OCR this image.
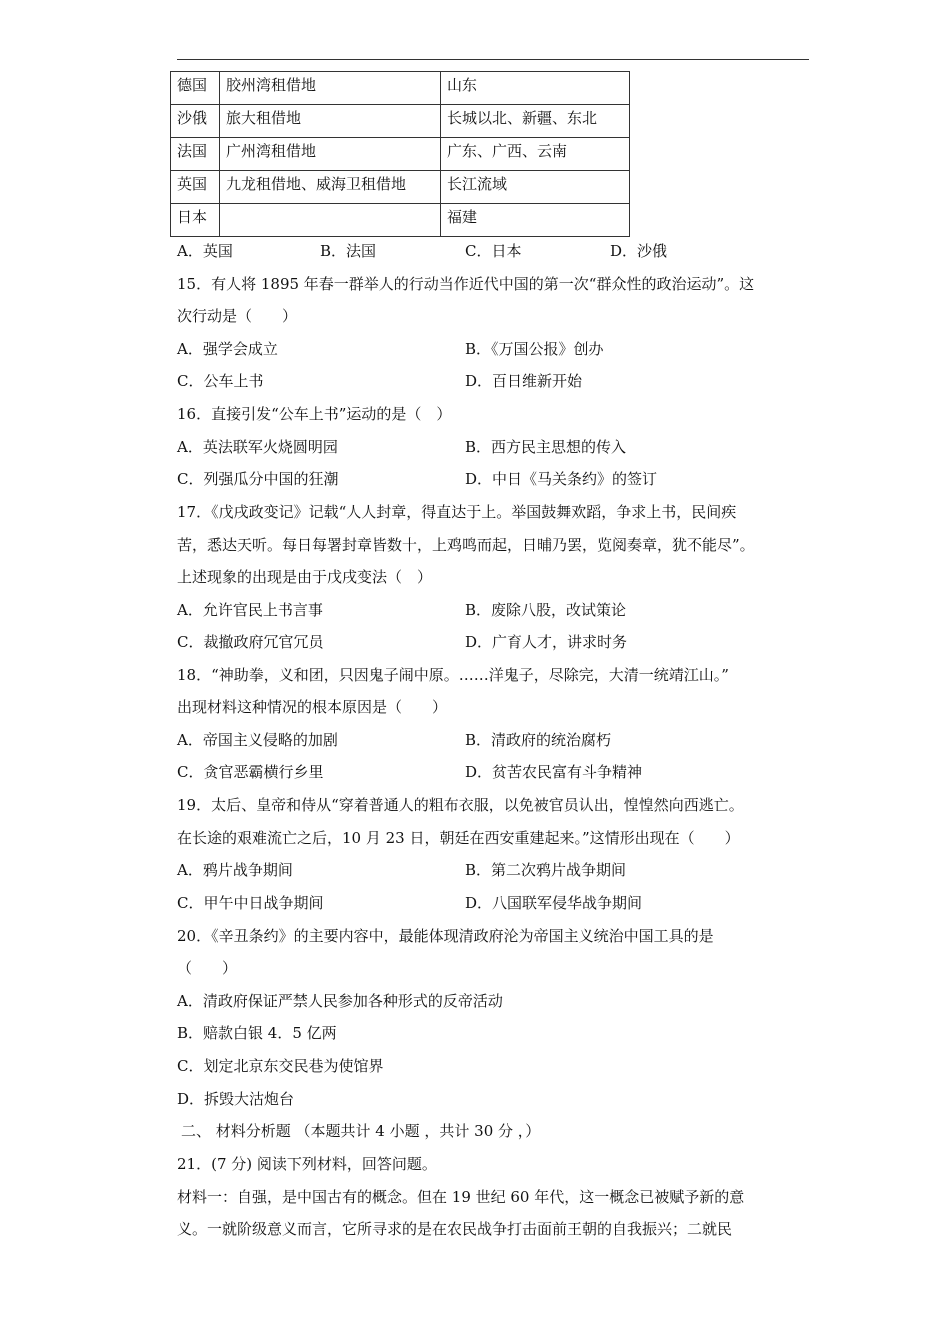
德国	胶州湾租借地	山东
沙俄	旅大租借地	长城以北、新疆、东北
法国	广州湾租借地	广东、广西、云南
英国	九龙租借地、威海卫租借地	长江流域
日本		福建
A．英国	B．法国	C．日本	D．沙俄
15．有人将 1895 年春一群举人的行动当作近代中国的第一次“群众性的政治运动”。这
次行动是（　　）
A．强学会成立	B．《万国公报》创办
C．公车上书	D．百日维新开始
16．直接引发“公车上书”运动的是（　）
A．英法联军火烧圆明园	B．西方民主思想的传入
C．列强瓜分中国的狂潮	D．中日《马关条约》的签订
17．《戊戌政变记》记载“人人封章，得直达于上。举国鼓舞欢蹈，争求上书，民间疾
苦，悉达天听。每日每署封章皆数十，上鸡鸣而起，日晡乃罢，览阅奏章，犹不能尽”。
上述现象的出现是由于戊戌变法（　）
A．允许官民上书言事	B．废除八股，改试策论
C．裁撤政府冗官冗员	D．广育人才，讲求时务
18．“神助拳，义和团，只因鬼子闹中原。……洋鬼子，尽除完，大清一统靖江山。”
出现材料这种情况的根本原因是（　　）
A．帝国主义侵略的加剧	B．清政府的统治腐朽
C．贪官恶霸横行乡里	D．贫苦农民富有斗争精神
19．太后、皇帝和侍从“穿着普通人的粗布衣服，以免被官员认出，惶惶然向西逃亡。
在长途的艰难流亡之后，10 月 23 日，朝廷在西安重建起来。”这情形出现在（　　）
A．鸦片战争期间	B．第二次鸦片战争期间
C．甲午中日战争期间	D．八国联军侵华战争期间
20．《辛丑条约》的主要内容中，最能体现清政府沦为帝国主义统治中国工具的是
（　　）
A．清政府保证严禁人民参加各种形式的反帝活动
B．赔款白银 4．5 亿两
C．划定北京东交民巷为使馆界
D．拆毁大沽炮台
二、 材料分析题 （本题共计 4 小题 ，共计 30 分 ，）
21．(7 分) 阅读下列材料，回答问题。
材料一：自强，是中国古有的概念。但在 19 世纪 60 年代，这一概念已被赋予新的意
义。一就阶级意义而言，它所寻求的是在农民战争打击面前王朝的自我振兴；二就民
